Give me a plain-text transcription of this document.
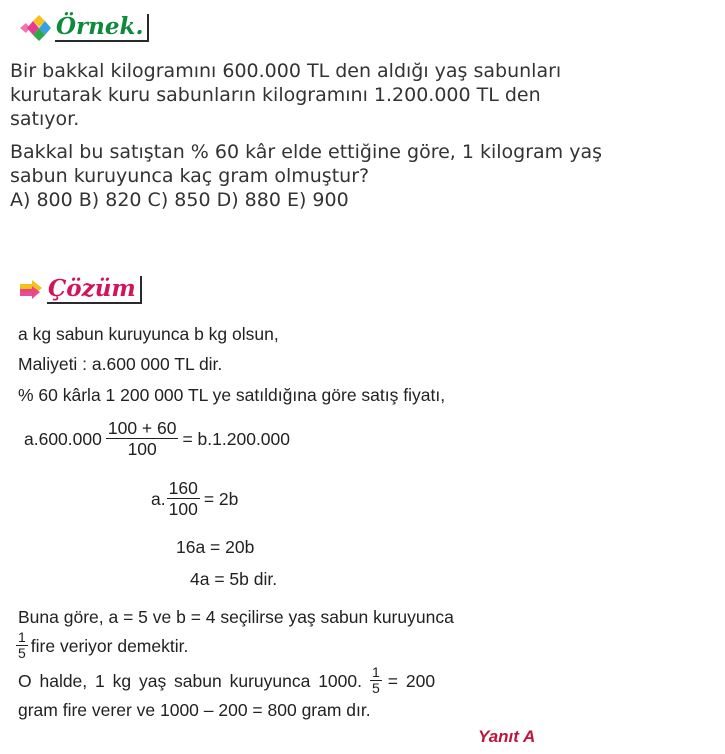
Örnek.
Bir bakkal kilogramını 600.000 TL den aldığı yaş sabunları
kurutarak kuru sabunların kilogramını 1.200.000 TL den
satıyor.
Bakkal bu satıştan % 60 kâr elde ettiğine göre, 1 kilogram yaş
sabun kuruyunca kaç gram olmuştur?
A) 800 B) 820 C) 850 D) 880 E) 900
Çözüm
a kg sabun kuruyunca b kg olsun,
Maliyeti : a.600 000 TL dir.
% 60 kârla 1 200 000 TL ye satıldığına göre satış fiyatı,
$a.600.000 \frac{100 + 60}{100} = b.1.200.000$
a. $\frac{160}{100} = 2b$
16a = 20b
4a = 5b dir.
Buna göre, a = 5 ve b = 4 seçilirse yaş sabun kuruyunca
$\frac{1}{5}$ fire veriyor demektir.
O halde, 1 kg yaş sabun kuruyunca 1000. $\frac{1}{5} = 200$
gram fire verer ve 1000 – 200 = 800 gram dır.
Yanıt A
